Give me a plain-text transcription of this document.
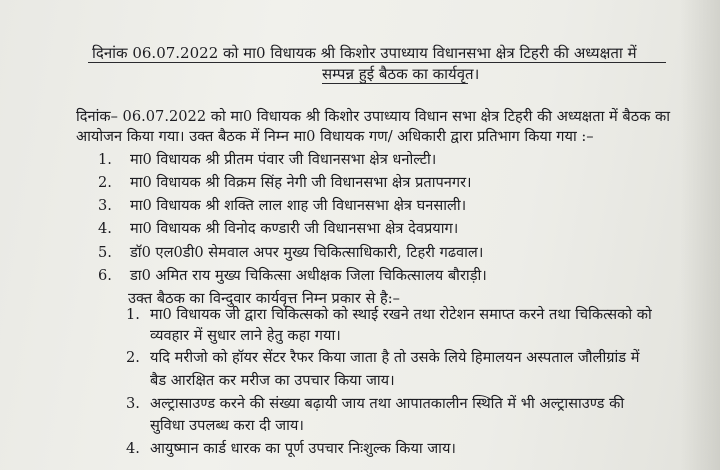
दिनांक 06.07.2022 को मा0 विधायक श्री किशोर उपाध्याय विधानसभा क्षेत्र टिहरी की अध्यक्षता में
सम्पन्न हुई बैठक का कार्यवृत।
दिनांक– 06.07.2022 को मा0 विधायक श्री किशोर उपाध्याय विधान सभा क्षेत्र टिहरी की अध्यक्षता में बैठक का
आयोजन किया गया। उक्त बैठक में निम्न मा0 विधायक गण/ अधिकारी द्वारा प्रतिभाग किया गया :–
1. मा0 विधायक श्री प्रीतम पंवार जी विधानसभा क्षेत्र धनोल्टी।
2. मा0 विधायक श्री विक्रम सिंह नेगी जी विधानसभा क्षेत्र प्रतापनगर।
3. मा0 विधायक श्री शक्ति लाल शाह जी विधानसभा क्षेत्र घनसाली।
4. मा0 विधायक श्री विनोद कण्डारी जी विधानसभा क्षेत्र देवप्रयाग।
5. डॉ0 एल0डी0 सेमवाल अपर मुख्य चिकित्साधिकारी, टिहरी गढवाल।
6. डा0 अमित राय मुख्य चिकित्सा अधीक्षक जिला चिकित्सालय बौराड़ी।
उक्त बैठक का विन्दुवार कार्यवृत्त निम्न प्रकार से है:–
1. मा0 विधायक जी द्वारा चिकित्सको को स्थाई रखने तथा रोटेशन समाप्त करने तथा चिकित्सको को
व्यवहार में सुधार लाने हेतु कहा गया।
2. यदि मरीजो को हॉयर सेंटर रैफर किया जाता है तो उसके लिये हिमालयन अस्पताल जौलीग्रांड में
बैड आरक्षित कर मरीज का उपचार किया जाय।
3. अल्ट्रासाउण्ड करने की संख्या बढ़ायी जाय तथा आपातकालीन स्थिति में भी अल्ट्रासाउण्ड की
सुविधा उपलब्ध करा दी जाय।
4. आयुष्मान कार्ड धारक का पूर्ण उपचार निःशुल्क किया जाय।
